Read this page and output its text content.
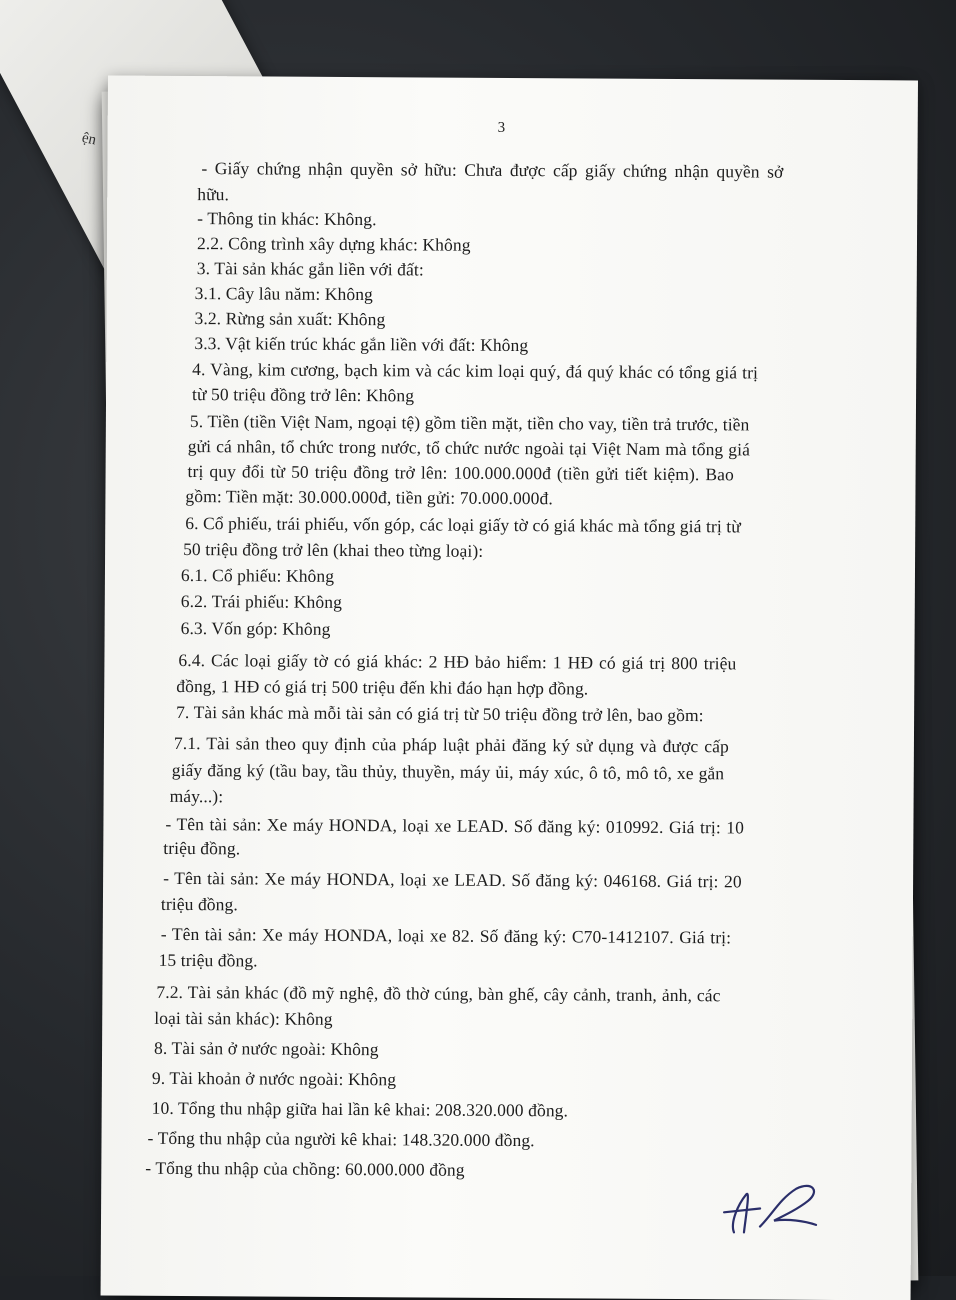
ện
3
- Giấy chứng nhận quyền sở hữu: Chưa được cấp giấy chứng nhận quyền sở
hữu.
- Thông tin khác: Không.
2.2. Công trình xây dựng khác: Không
3. Tài sản khác gắn liền với đất:
3.1. Cây lâu năm: Không
3.2. Rừng sản xuất: Không
3.3. Vật kiến trúc khác gắn liền với đất: Không
4. Vàng, kim cương, bạch kim và các kim loại quý, đá quý khác có tổng giá trị
từ 50 triệu đồng trở lên: Không
5. Tiền (tiền Việt Nam, ngoại tệ) gồm tiền mặt, tiền cho vay, tiền trả trước, tiền
gửi cá nhân, tổ chức trong nước, tổ chức nước ngoài tại Việt Nam mà tổng giá
trị quy đổi từ 50 triệu đồng trở lên: 100.000.000đ (tiền gửi tiết kiệm). Bao
gồm: Tiền mặt: 30.000.000đ, tiền gửi: 70.000.000đ.
6. Cổ phiếu, trái phiếu, vốn góp, các loại giấy tờ có giá khác mà tổng giá trị từ
50 triệu đồng trở lên (khai theo từng loại):
6.1. Cổ phiếu: Không
6.2. Trái phiếu: Không
6.3. Vốn góp: Không
6.4. Các loại giấy tờ có giá khác: 2 HĐ bảo hiểm: 1 HĐ có giá trị 800 triệu
đồng, 1 HĐ có giá trị 500 triệu đến khi đáo hạn hợp đồng.
7. Tài sản khác mà mỗi tài sản có giá trị từ 50 triệu đồng trở lên, bao gồm:
7.1. Tài sản theo quy định của pháp luật phải đăng ký sử dụng và được cấp
giấy đăng ký (tầu bay, tầu thủy, thuyền, máy ủi, máy xúc, ô tô, mô tô, xe gắn
máy...):
- Tên tài sản: Xe máy HONDA, loại xe LEAD. Số đăng ký: 010992. Giá trị: 10
triệu đồng.
- Tên tài sản: Xe máy HONDA, loại xe LEAD. Số đăng ký: 046168. Giá trị: 20
triệu đồng.
- Tên tài sản: Xe máy HONDA, loại xe 82. Số đăng ký: C70-1412107. Giá trị:
15 triệu đồng.
7.2. Tài sản khác (đồ mỹ nghệ, đồ thờ cúng, bàn ghế, cây cảnh, tranh, ảnh, các
loại tài sản khác): Không
8. Tài sản ở nước ngoài: Không
9. Tài khoản ở nước ngoài: Không
10. Tổng thu nhập giữa hai lần kê khai: 208.320.000 đồng.
- Tổng thu nhập của người kê khai: 148.320.000 đồng.
- Tổng thu nhập của chồng: 60.000.000 đồng
